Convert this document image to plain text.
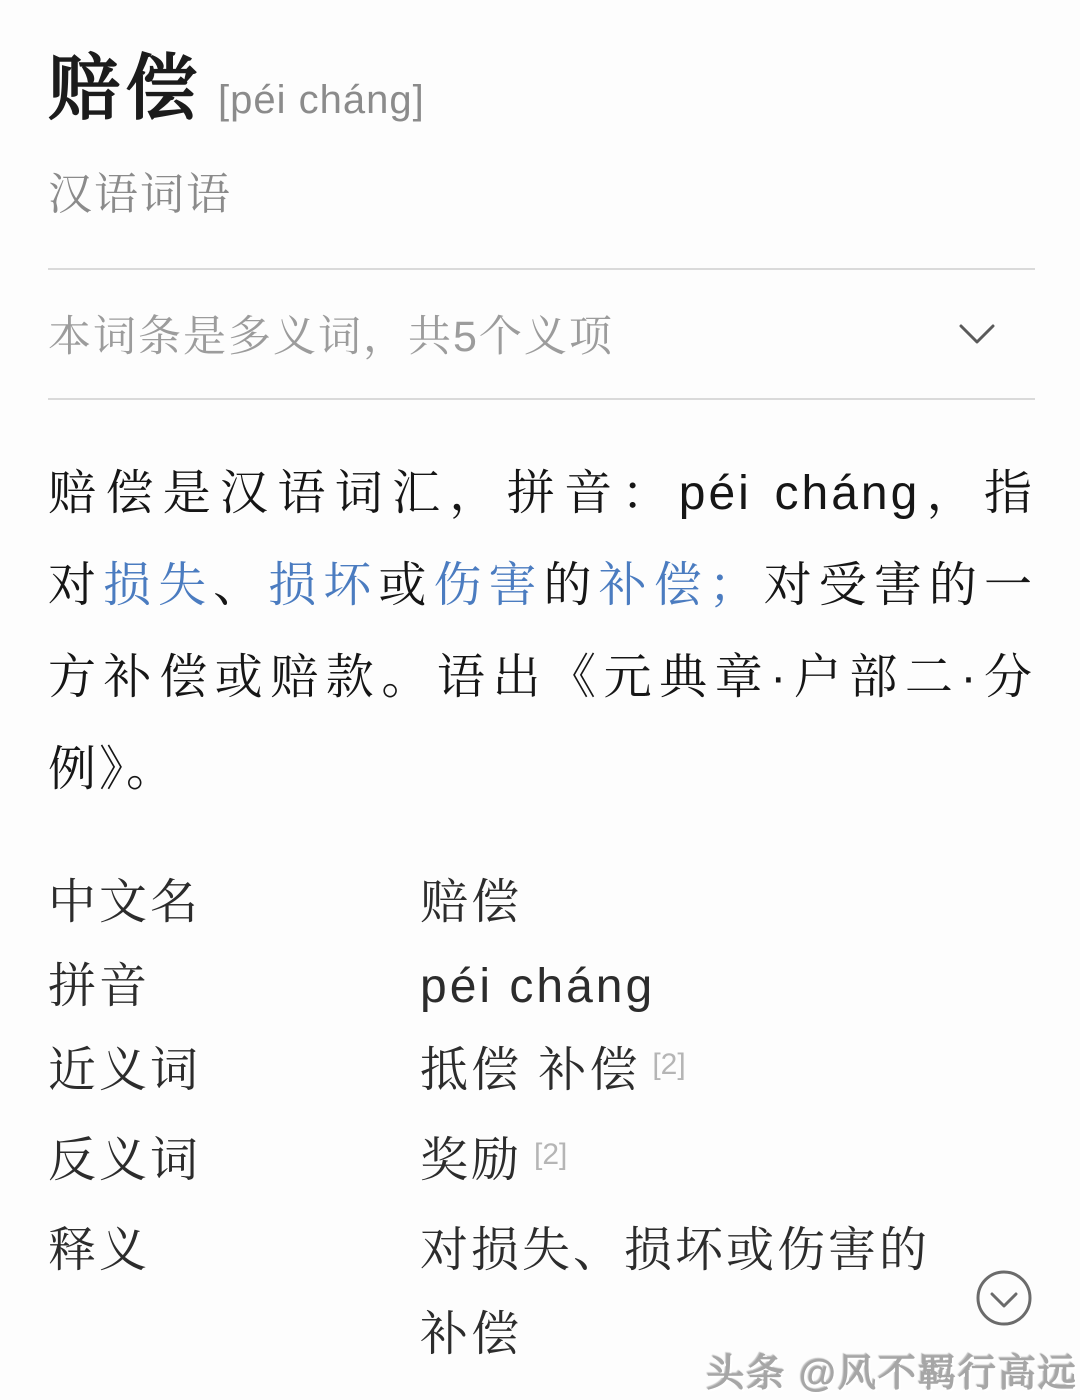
赔偿 [péi cháng]
汉语词语
本词条是多义词，共5个义项
赔偿是汉语词汇，拼音：péi cháng，指
对损失、损坏或伤害的补偿；对受害的一
方补偿或赔款。语出《元典章·户部二·分
例》。
中文名	赔偿
拼音	péi cháng
近义词	抵偿 补偿 [2]
反义词	奖励 [2]
释义	对损失、损坏或伤害的补偿
头条 @风不羁行高远
